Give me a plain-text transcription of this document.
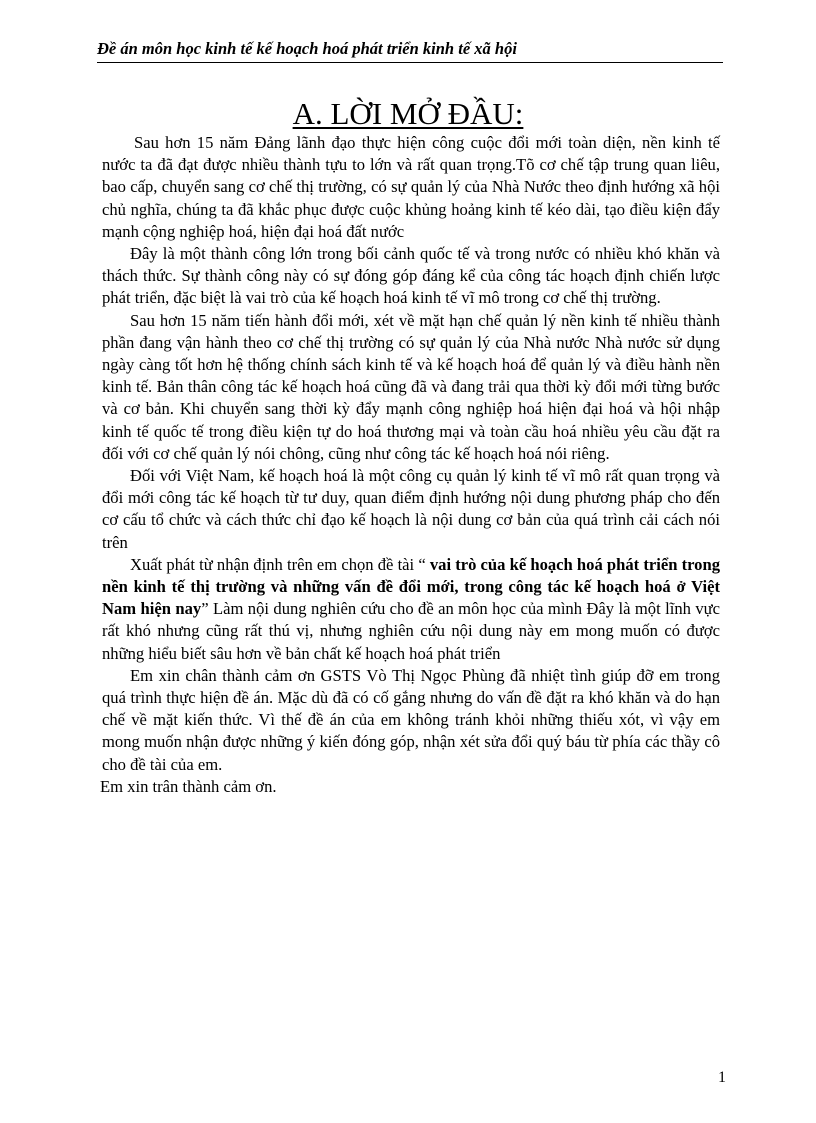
Đề án môn học kinh tế kế hoạch hoá phát triển kinh tế xã hội
A. LỜI MỞ ĐẦU:

Sau hơn 15 năm Đảng lãnh đạo thực hiện công cuộc đổi mới toàn diện, nền kinh tế nước ta đã đạt được nhiều thành tựu to lớn và rất quan trọng.Tõ cơ chế tập trung quan liêu, bao cấp, chuyển sang cơ chế thị trường, có sự quản lý của Nhà Nước theo định hướng xã hội chủ nghĩa, chúng ta đã khắc phục được cuộc khủng hoảng kinh tế kéo dài, tạo điều kiện đẩy mạnh cộng nghiệp hoá, hiện đại hoá đất nước

Đây là một thành công lớn trong bối cảnh quốc tế và trong nước có nhiều khó khăn và thách thức. Sự thành công này có sự đóng góp đáng kể của công tác hoạch định chiến lược phát triển, đặc biệt là vai trò của kế hoạch hoá kinh tế vĩ mô trong cơ chế thị trường.

Sau hơn 15 năm tiến hành đổi mới, xét về mặt hạn chế quản lý nền kinh tế nhiều thành phần đang vận hành theo cơ chế thị trường có sự quản lý của Nhà nước Nhà nước sử dụng ngày càng tốt hơn hệ thống chính sách kinh tế và kế hoạch hoá để quản lý và điều hành nền kinh tế. Bản thân công tác kế hoạch hoá cũng đã và đang trải qua thời kỳ đổi mới từng bước và cơ bản. Khi chuyển sang thời kỳ đẩy mạnh công nghiệp hoá hiện đại hoá và hội nhập kinh tế quốc tế trong điều kiện tự do hoá thương mại và toàn cầu hoá nhiều yêu cầu đặt ra đối với cơ chế quản lý nói chông, cũng như công tác kế hoạch hoá nói riêng.

Đối với Việt Nam, kế hoạch hoá là một công cụ quản lý kinh tế vĩ mô rất quan trọng và đổi mới công tác kế hoạch từ tư duy, quan điểm định hướng nội dung phương pháp cho đến cơ cấu tổ chức và cách thức chỉ đạo kế hoạch là nội dung cơ bản của quá trình cải cách nói trên

Xuất phát từ nhận định trên em chọn đề tài “ vai trò của kế hoạch hoá phát triển trong nền kinh tế thị trường và những vấn đề đổi mới, trong công tác kế hoạch hoá ở Việt Nam hiện nay” Làm nội dung nghiên cứu cho đề an môn học của mình Đây là một lĩnh vực rất khó nhưng cũng rất thú vị, nhưng nghiên cứu nội dung này em mong muốn có được những hiểu biết sâu hơn về bản chất kế hoạch hoá phát triển

Em xin chân thành cảm ơn GSTS Vò Thị Ngọc Phùng đã nhiệt tình giúp đỡ em trong quá trình thực hiện đề án. Mặc dù đã có cố gắng nhưng do vấn đề đặt ra khó khăn và do hạn chế về mặt kiến thức. Vì thế đề án của em không tránh khỏi những thiếu xót, vì vậy em mong muốn nhận được những ý kiến đóng góp, nhận xét sửa đổi quý báu từ phía các thầy cô cho đề tài của em.

Em xin trân thành cảm ơn.

1
